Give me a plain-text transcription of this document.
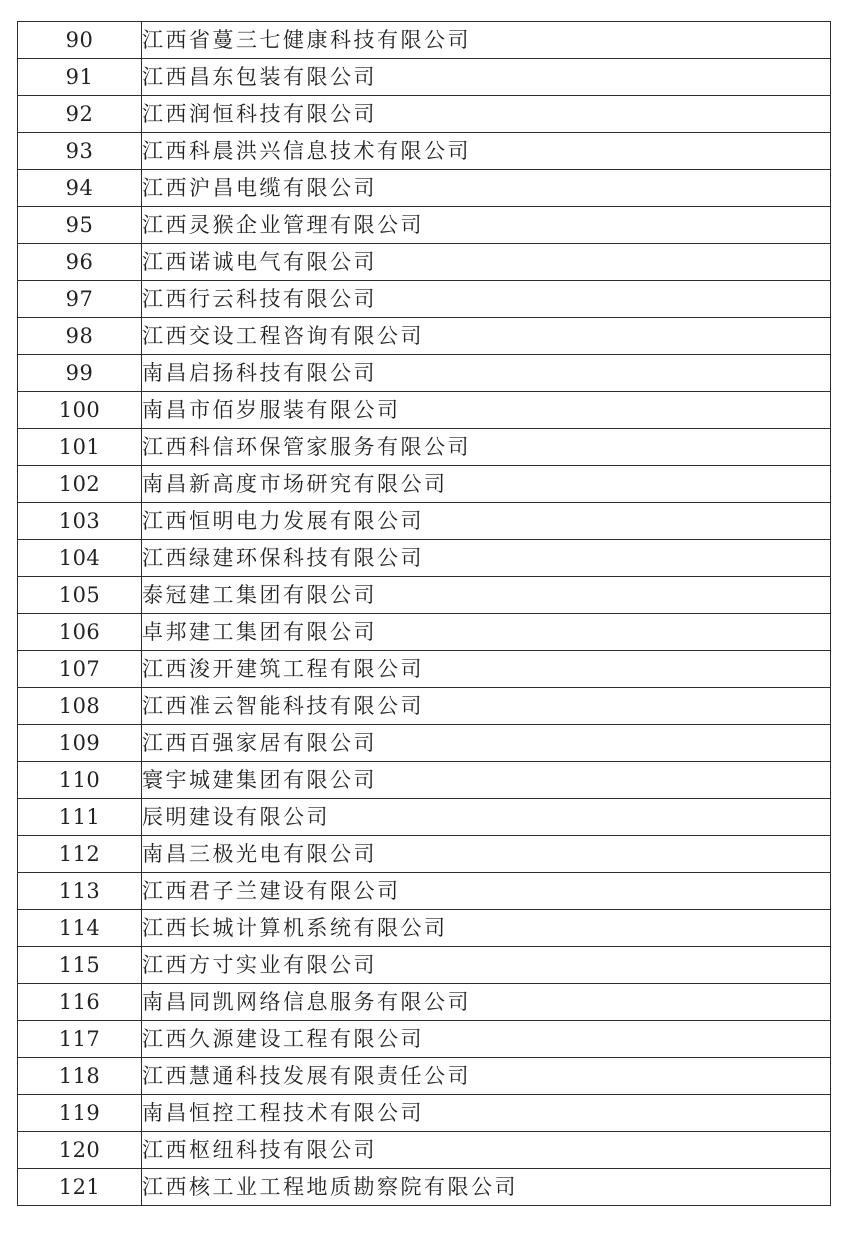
90	江西省蔓三七健康科技有限公司
91	江西昌东包装有限公司
92	江西润恒科技有限公司
93	江西科晨洪兴信息技术有限公司
94	江西沪昌电缆有限公司
95	江西灵猴企业管理有限公司
96	江西诺诚电气有限公司
97	江西行云科技有限公司
98	江西交设工程咨询有限公司
99	南昌启扬科技有限公司
100	南昌市佰岁服装有限公司
101	江西科信环保管家服务有限公司
102	南昌新高度市场研究有限公司
103	江西恒明电力发展有限公司
104	江西绿建环保科技有限公司
105	泰冠建工集团有限公司
106	卓邦建工集团有限公司
107	江西浚开建筑工程有限公司
108	江西准云智能科技有限公司
109	江西百强家居有限公司
110	寰宇城建集团有限公司
111	辰明建设有限公司
112	南昌三极光电有限公司
113	江西君子兰建设有限公司
114	江西长城计算机系统有限公司
115	江西方寸实业有限公司
116	南昌同凯网络信息服务有限公司
117	江西久源建设工程有限公司
118	江西慧通科技发展有限责任公司
119	南昌恒控工程技术有限公司
120	江西枢纽科技有限公司
121	江西核工业工程地质勘察院有限公司
